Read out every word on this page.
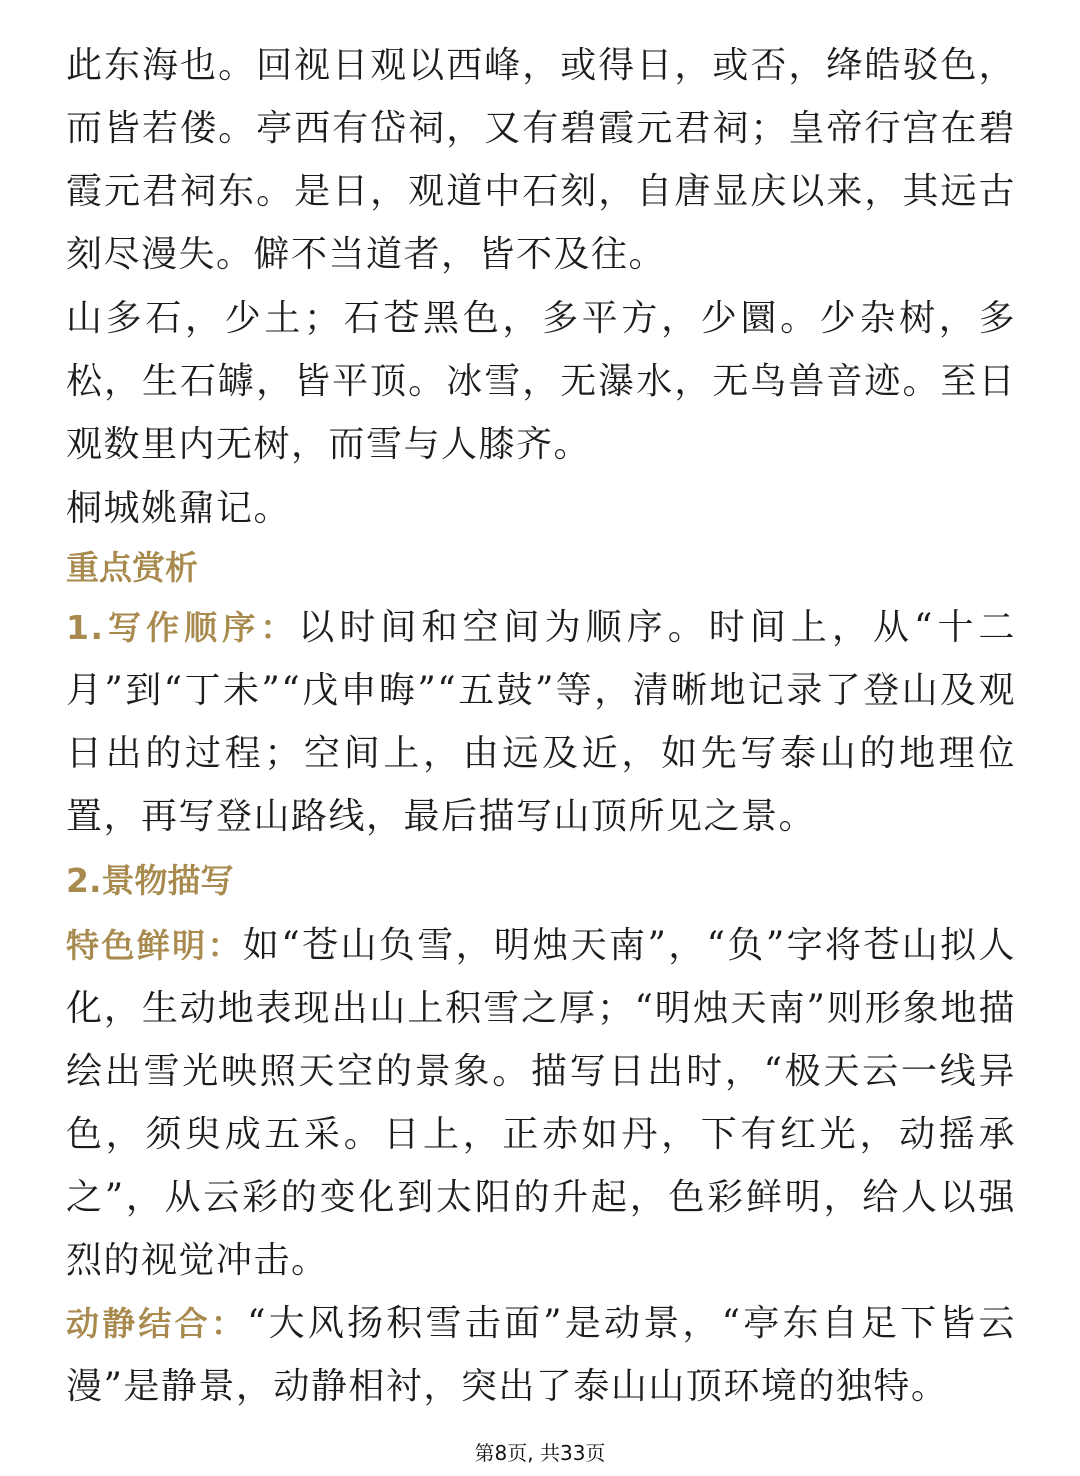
此东海也。回视日观以西峰，或得日，或否，绛皓驳色，而皆若偻。亭西有岱祠，又有碧霞元君祠；皇帝行宫在碧霞元君祠东。是日，观道中石刻，自唐显庆以来，其远古刻尽漫失。僻不当道者，皆不及往。

山多石，少土；石苍黑色，多平方，少圜。少杂树，多松，生石罅，皆平顶。冰雪，无瀑水，无鸟兽音迹。至日观数里内无树，而雪与人膝齐。

桐城姚鼐记。

重点赏析

1.写作顺序：以时间和空间为顺序。时间上，从“十二月”到“丁未”“戊申晦”“五鼓”等，清晰地记录了登山及观日出的过程；空间上，由远及近，如先写泰山的地理位置，再写登山路线，最后描写山顶所见之景。

2.景物描写

特色鲜明：如“苍山负雪，明烛天南”，“负”字将苍山拟人化，生动地表现出山上积雪之厚；“明烛天南”则形象地描绘出雪光映照天空的景象。描写日出时，“极天云一线异色，须臾成五采。日上，正赤如丹，下有红光，动摇承之”，从云彩的变化到太阳的升起，色彩鲜明，给人以强烈的视觉冲击。

动静结合：“大风扬积雪击面”是动景，“亭东自足下皆云漫”是静景，动静相衬，突出了泰山山顶环境的独特。

第8页, 共33页
